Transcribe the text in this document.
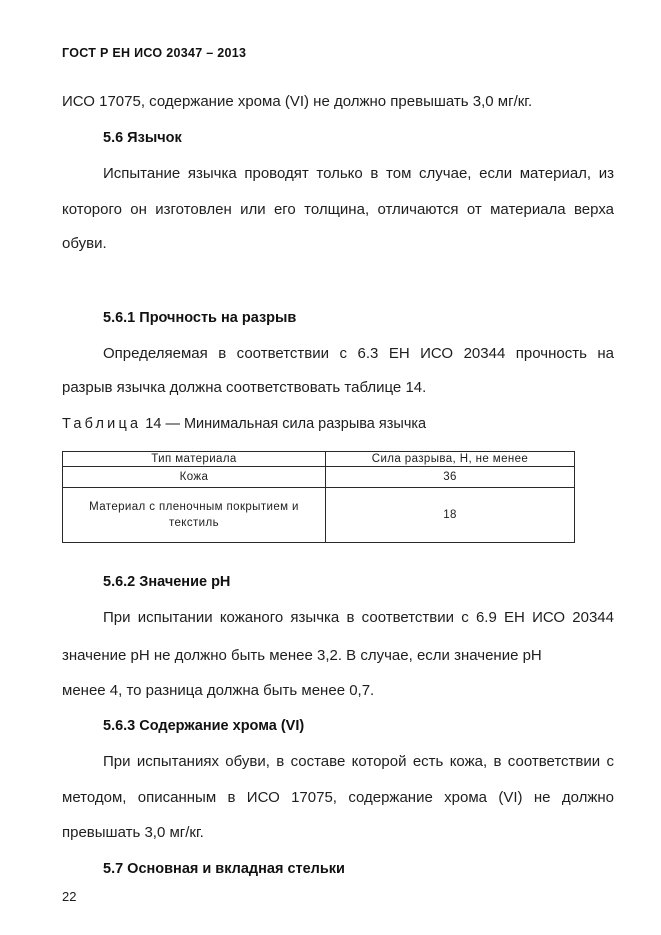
ГОСТ Р ЕН ИСО 20347 – 2013
ИСО 17075, содержание хрома (VI) не должно превышать 3,0 мг/кг.
5.6 Язычок

Испытание язычка проводят только в том случае, если материал, из

которого он изготовлен или его толщина, отличаются от материала верха

обуви.
5.6.1 Прочность на разрыв

Определяемая в соответствии с 6.3 ЕН ИСО 20344 прочность на

разрыв язычка должна соответствовать таблице 14.
Таблица 14 — Минимальная сила разрыва язычка
Тип материала	Сила разрыва, Н, не менее
Кожа	36
Материал с пленочным покрытием и
текстиль	18
5.6.2 Значение pH

При испытании кожаного язычка в соответствии с 6.9 ЕН ИСО 20344

значение pH не должно быть менее 3,2. В случае, если значение pH
менее 4, то разница должна быть менее 0,7.
5.6.3 Содержание хрома (VI)

При испытаниях обуви, в составе которой есть кожа, в соответствии с

методом, описанным в ИСО 17075, содержание хрома (VI) не должно

превышать 3,0 мг/кг.
5.7 Основная и вкладная стельки
22
